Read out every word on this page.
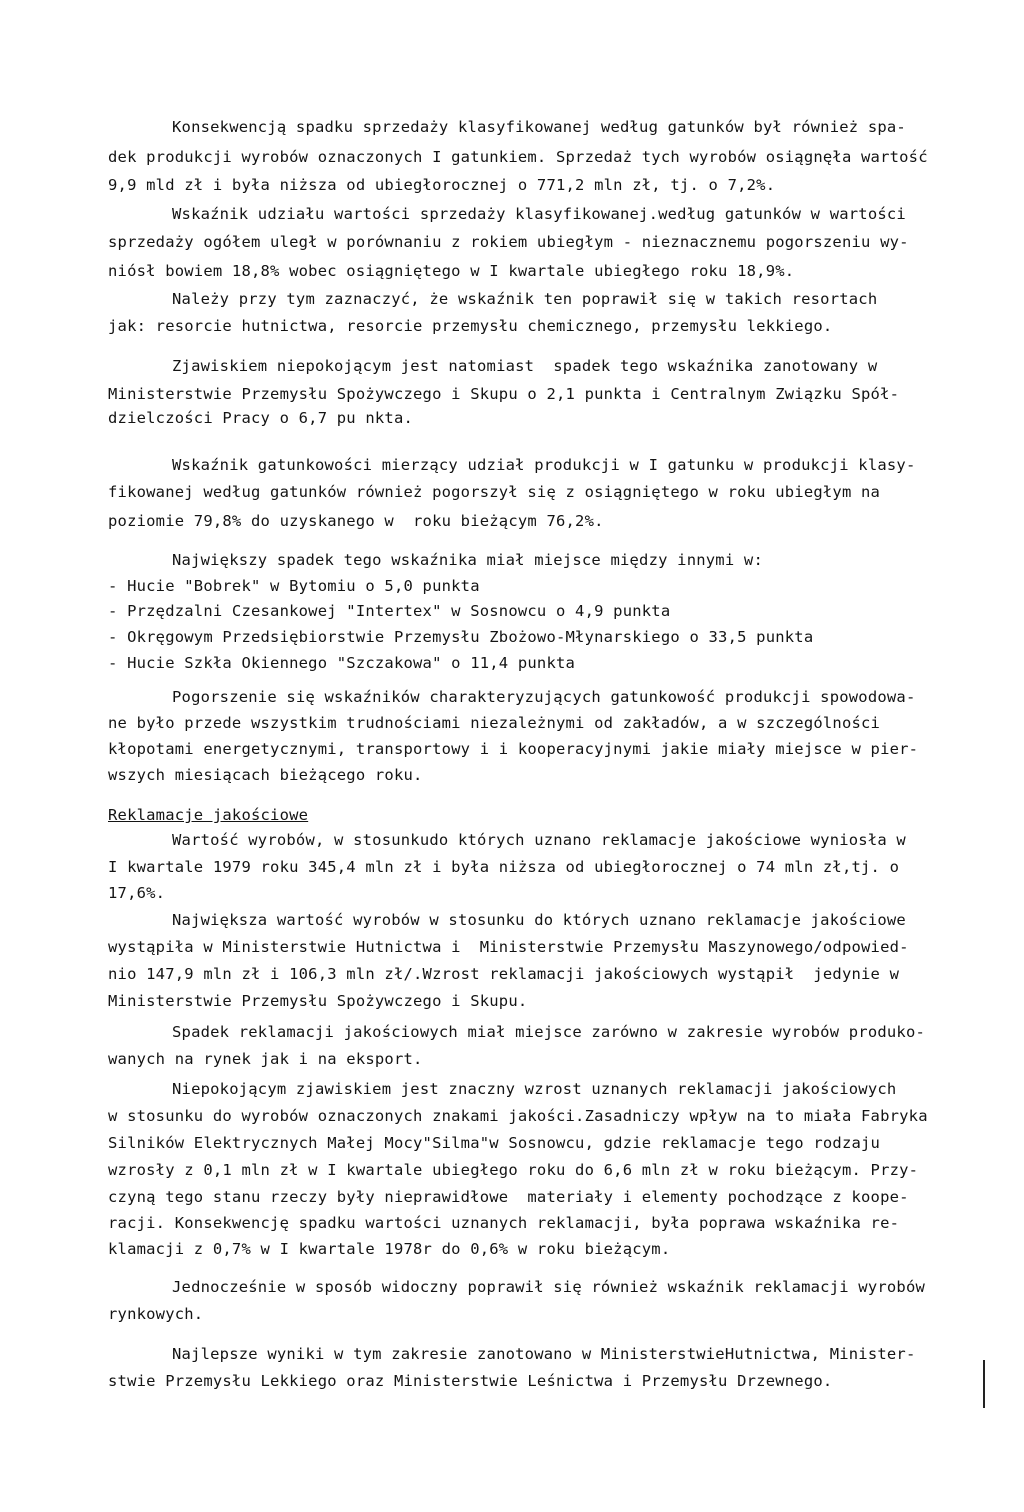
Konsekwencją spadku sprzedaży klasyfikowanej według gatunków był również spa-
dek produkcji wyrobów oznaczonych I gatunkiem. Sprzedaż tych wyrobów osiągnęła wartość
9,9 mld zł i była niższa od ubiegłorocznej o 771,2 mln zł, tj. o 7,2%.
Wskaźnik udziału wartości sprzedaży klasyfikowanej.według gatunków w wartości
sprzedaży ogółem uległ w porównaniu z rokiem ubiegłym - nieznacznemu pogorszeniu wy-
niósł bowiem 18,8% wobec osiągniętego w I kwartale ubiegłego roku 18,9%.
Należy przy tym zaznaczyć, że wskaźnik ten poprawił się w takich resortach
jak: resorcie hutnictwa, resorcie przemysłu chemicznego, przemysłu lekkiego.
Zjawiskiem niepokojącym jest natomiast  spadek tego wskaźnika zanotowany w
Ministerstwie Przemysłu Spożywczego i Skupu o 2,1 punkta i Centralnym Związku Spół-
dzielczości Pracy o 6,7 pu nkta.
Wskaźnik gatunkowości mierzący udział produkcji w I gatunku w produkcji klasy-
fikowanej według gatunków również pogorszył się z osiągniętego w roku ubiegłym na
poziomie 79,8% do uzyskanego w  roku bieżącym 76,2%.
Największy spadek tego wskaźnika miał miejsce między innymi w:
- Hucie "Bobrek" w Bytomiu o 5,0 punkta
- Przędzalni Czesankowej "Intertex" w Sosnowcu o 4,9 punkta
- Okręgowym Przedsiębiorstwie Przemysłu Zbożowo-Młynarskiego o 33,5 punkta
- Hucie Szkła Okiennego "Szczakowa" o 11,4 punkta
Pogorszenie się wskaźników charakteryzujących gatunkowość produkcji spowodowa-
ne było przede wszystkim trudnościami niezależnymi od zakładów, a w szczególności
kłopotami energetycznymi, transportowy i i kooperacyjnymi jakie miały miejsce w pier-
wszych miesiącach bieżącego roku.
Reklamacje jakościowe
Wartość wyrobów, w stosunkudo których uznano reklamacje jakościowe wyniosła w
I kwartale 1979 roku 345,4 mln zł i była niższa od ubiegłorocznej o 74 mln zł,tj. o
17,6%.
Największa wartość wyrobów w stosunku do których uznano reklamacje jakościowe
wystąpiła w Ministerstwie Hutnictwa i  Ministerstwie Przemysłu Maszynowego/odpowied-
nio 147,9 mln zł i 106,3 mln zł/.Wzrost reklamacji jakościowych wystąpił  jedynie w
Ministerstwie Przemysłu Spożywczego i Skupu.
Spadek reklamacji jakościowych miał miejsce zarówno w zakresie wyrobów produko-
wanych na rynek jak i na eksport.
Niepokojącym zjawiskiem jest znaczny wzrost uznanych reklamacji jakościowych
w stosunku do wyrobów oznaczonych znakami jakości.Zasadniczy wpływ na to miała Fabryka
Silników Elektrycznych Małej Mocy"Silma"w Sosnowcu, gdzie reklamacje tego rodzaju
wzrosły z 0,1 mln zł w I kwartale ubiegłego roku do 6,6 mln zł w roku bieżącym. Przy-
czyną tego stanu rzeczy były nieprawidłowe  materiały i elementy pochodzące z koope-
racji. Konsekwencję spadku wartości uznanych reklamacji, była poprawa wskaźnika re-
klamacji z 0,7% w I kwartale 1978r do 0,6% w roku bieżącym.
Jednocześnie w sposób widoczny poprawił się również wskaźnik reklamacji wyrobów
rynkowych.
Najlepsze wyniki w tym zakresie zanotowano w MinisterstwieHutnictwa, Minister-
stwie Przemysłu Lekkiego oraz Ministerstwie Leśnictwa i Przemysłu Drzewnego.
